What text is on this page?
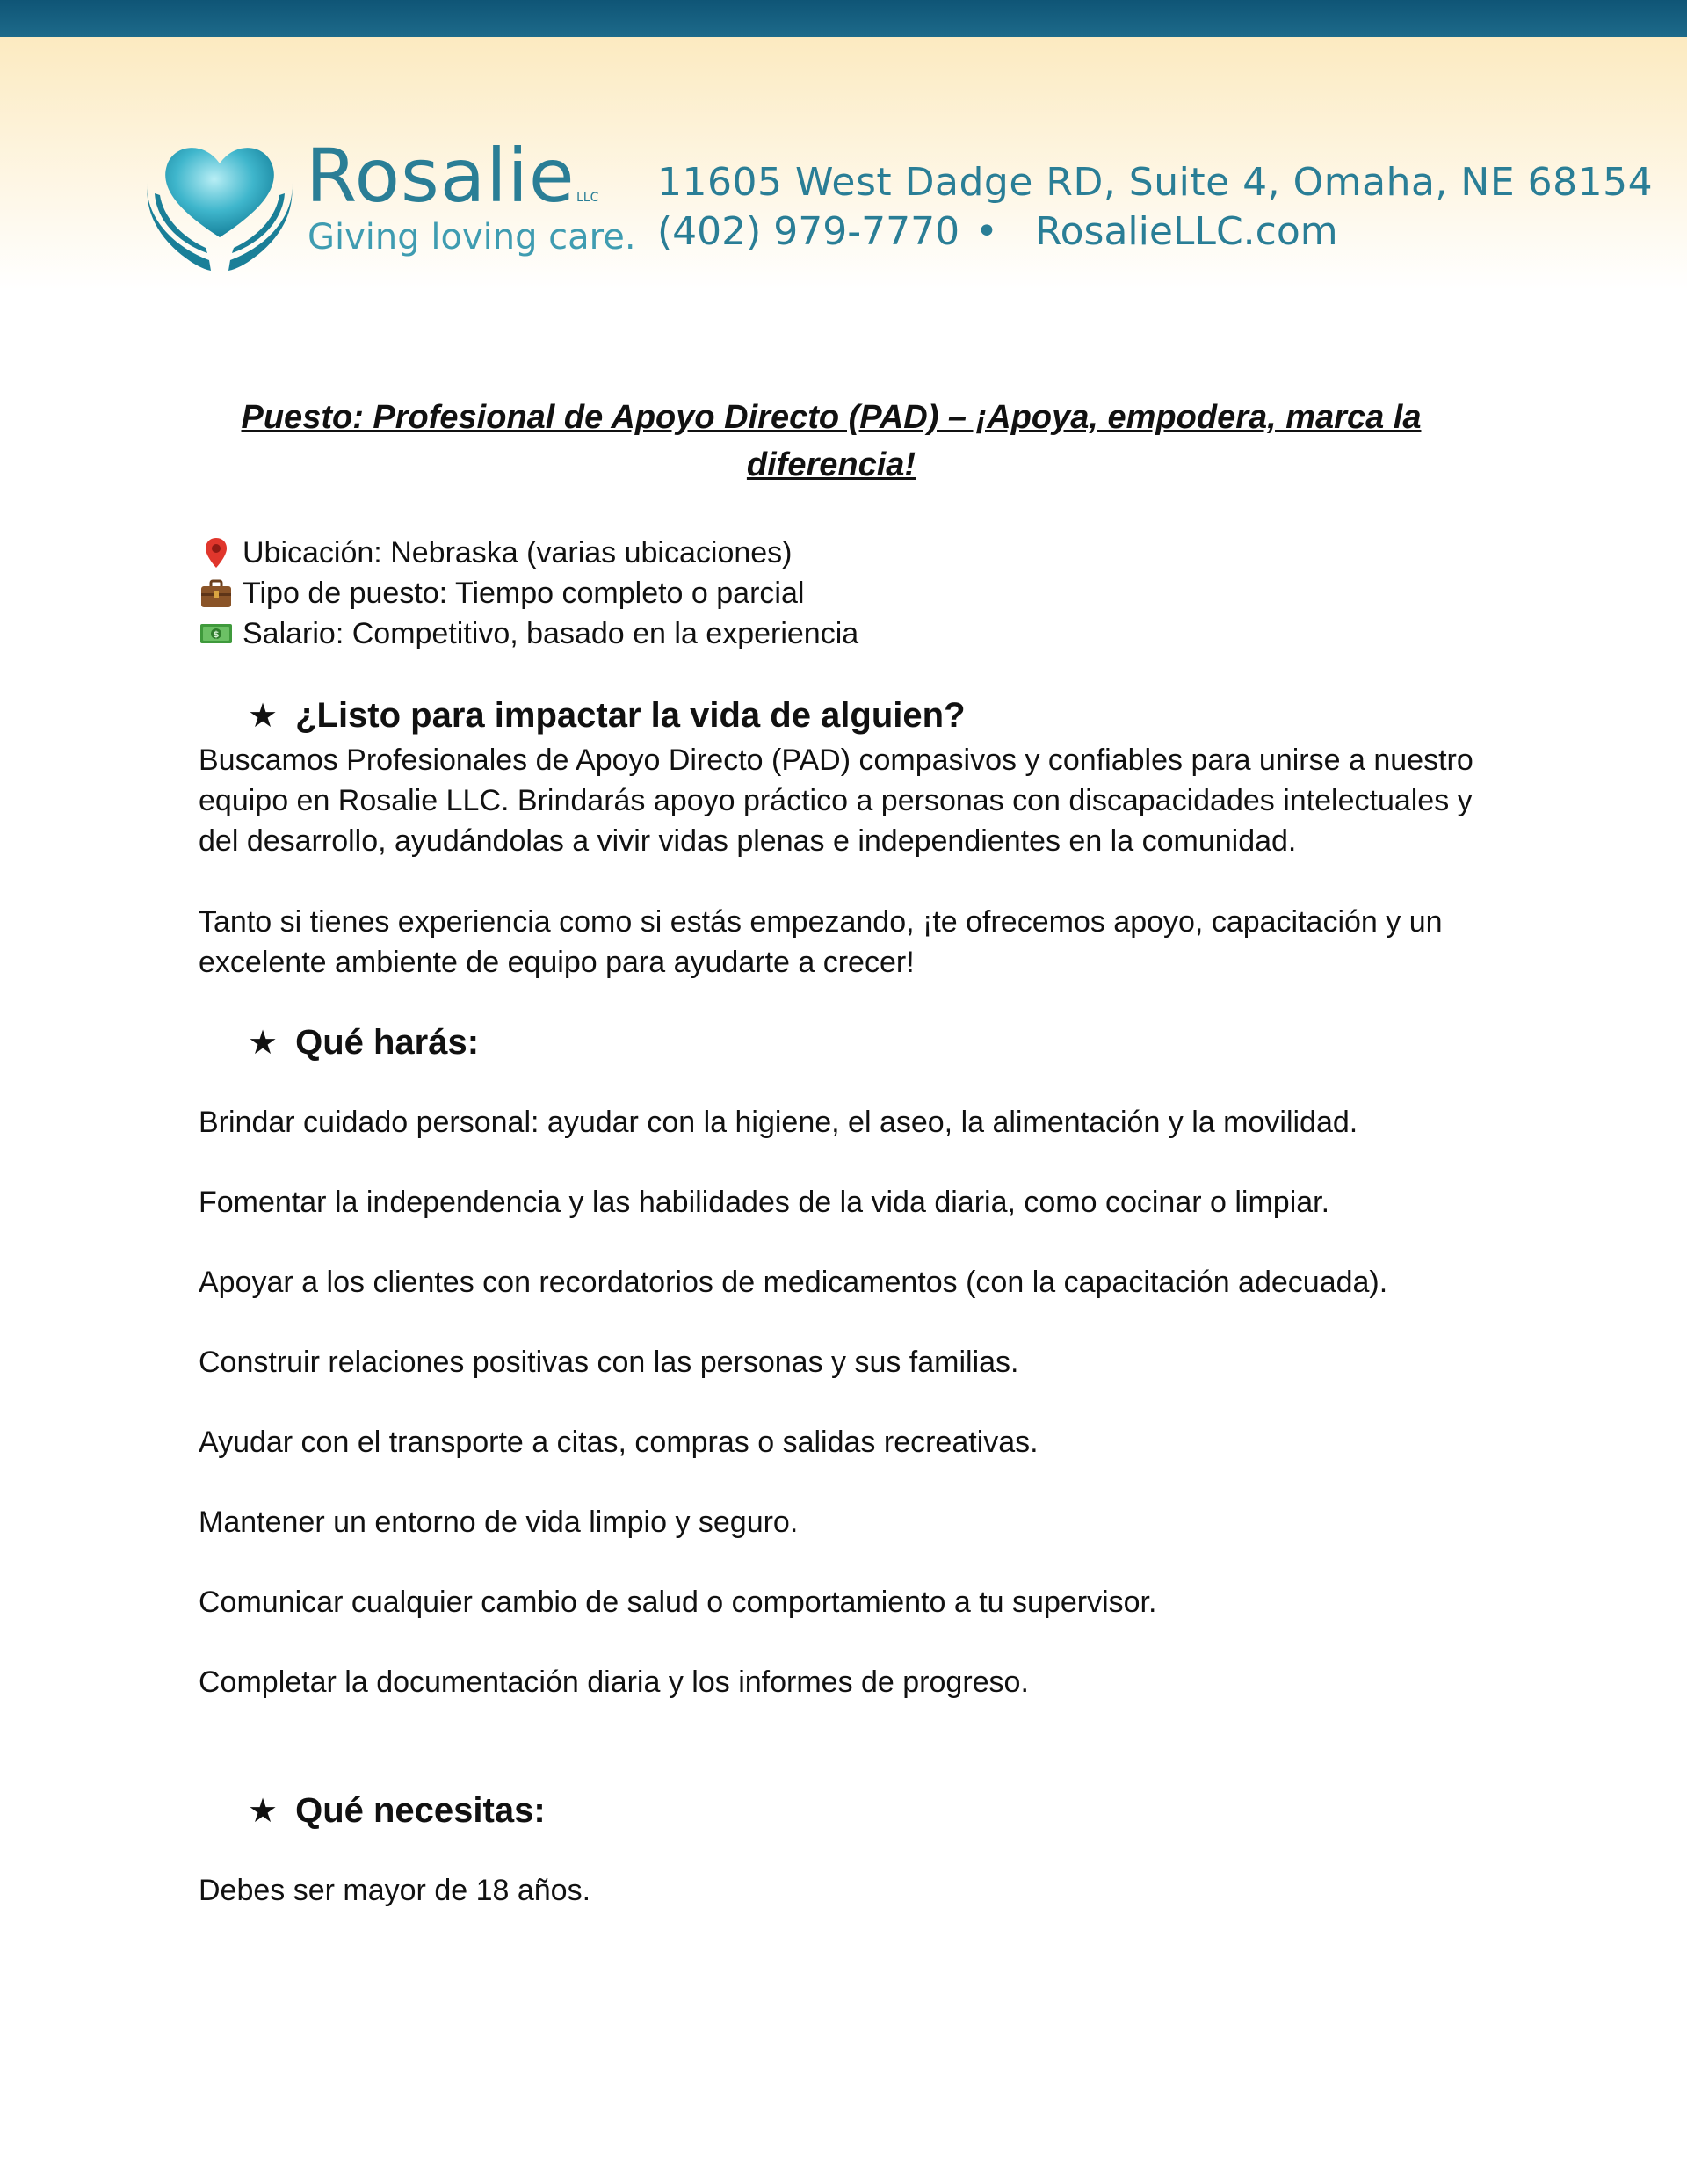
Rosalie LLC
Giving loving care.
11605 West Dadge RD, Suite 4, Omaha, NE 68154
(402) 979-7770 • RosalieLLC.com
Puesto: Profesional de Apoyo Directo (PAD) – ¡Apoya, empodera, marca la diferencia!
Ubicación: Nebraska (varias ubicaciones)
Tipo de puesto: Tiempo completo o parcial
$ Salario: Competitivo, basado en la experiencia
★ ¿Listo para impactar la vida de alguien?

Buscamos Profesionales de Apoyo Directo (PAD) compasivos y confiables para unirse a nuestro equipo en Rosalie LLC. Brindarás apoyo práctico a personas con discapacidades intelectuales y del desarrollo, ayudándolas a vivir vidas plenas e independientes en la comunidad.

Tanto si tienes experiencia como si estás empezando, ¡te ofrecemos apoyo, capacitación y un excelente ambiente de equipo para ayudarte a crecer!

★ Qué harás:

Brindar cuidado personal: ayudar con la higiene, el aseo, la alimentación y la movilidad.

Fomentar la independencia y las habilidades de la vida diaria, como cocinar o limpiar.

Apoyar a los clientes con recordatorios de medicamentos (con la capacitación adecuada).

Construir relaciones positivas con las personas y sus familias.

Ayudar con el transporte a citas, compras o salidas recreativas.

Mantener un entorno de vida limpio y seguro.

Comunicar cualquier cambio de salud o comportamiento a tu supervisor.

Completar la documentación diaria y los informes de progreso.

★ Qué necesitas:

Debes ser mayor de 18 años.
